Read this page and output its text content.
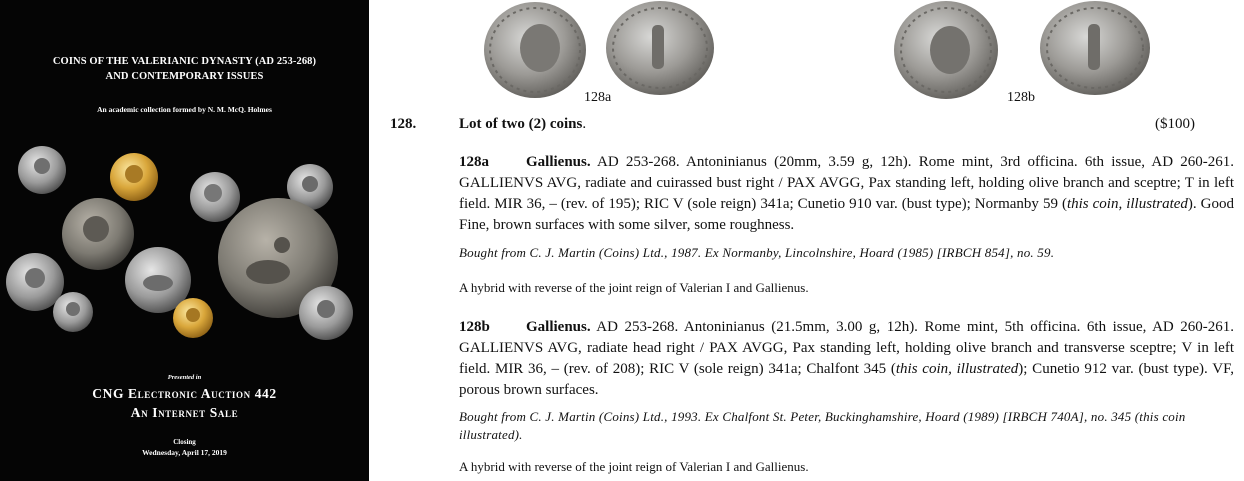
COINS OF THE VALERIANIC DYNASTY (AD 253-268)
AND CONTEMPORARY ISSUES
An academic collection formed by N. M. McQ. Holmes
Presented in
CNG Electronic Auction 442
An Internet Sale
Closing
Wednesday, April 17, 2019
128a	128b
128.	Lot of two (2) coins.	($100)
128a Gallienus. AD 253-268. Antoninianus (20mm, 3.59 g, 12h). Rome mint, 3rd officina. 6th issue, AD 260-261. GALLIENVS AVG, radiate and cuirassed bust right / PAX AVGG, Pax standing left, holding olive branch and sceptre; T in left field. MIR 36, – (rev. of 195); RIC V (sole reign) 341a; Cunetio 910 var. (bust type); Normanby 59 (this coin, illustrated). Good Fine, brown surfaces with some silver, some roughness.
Bought from C. J. Martin (Coins) Ltd., 1987. Ex Normanby, Lincolnshire, Hoard (1985) [IRBCH 854], no. 59.
A hybrid with reverse of the joint reign of Valerian I and Gallienus.
128b Gallienus. AD 253-268. Antoninianus (21.5mm, 3.00 g, 12h). Rome mint, 5th officina. 6th issue, AD 260-261. GALLIENVS AVG, radiate head right / PAX AVGG, Pax standing left, holding olive branch and transverse sceptre; V in left field. MIR 36, – (rev. of 208); RIC V (sole reign) 341a; Chalfont 345 (this coin, illustrated); Cunetio 912 var. (bust type). VF, porous brown surfaces.
Bought from C. J. Martin (Coins) Ltd., 1993. Ex Chalfont St. Peter, Buckinghamshire, Hoard (1989) [IRBCH 740A], no. 345 (this coin illustrated).
A hybrid with reverse of the joint reign of Valerian I and Gallienus.
